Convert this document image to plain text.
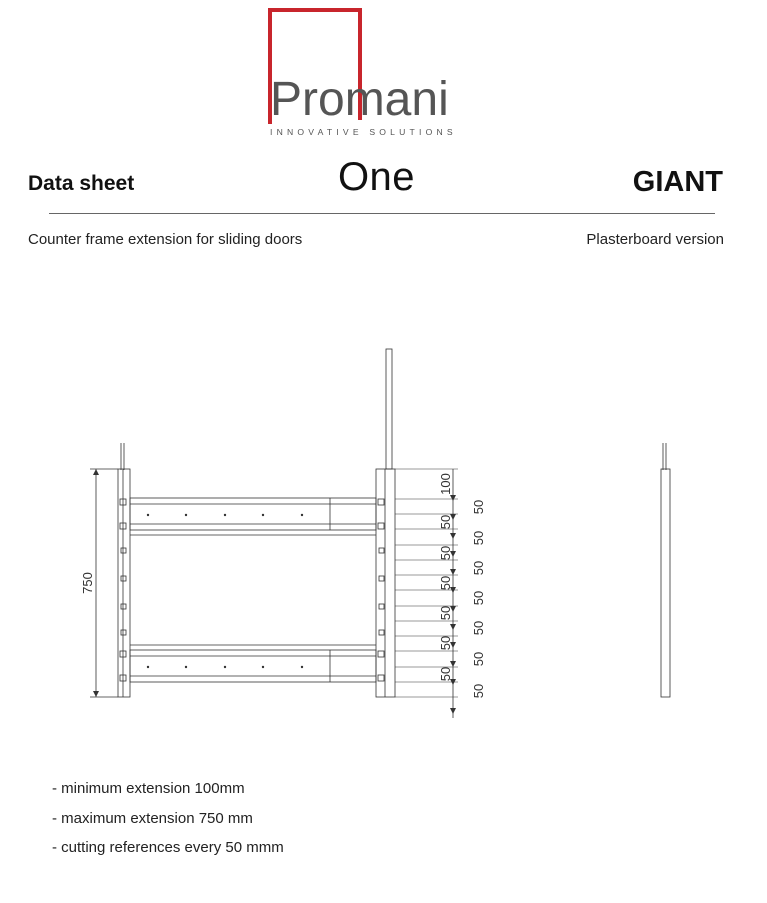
Promani
INNOVATIVE SOLUTIONS
Data sheet	One	GIANT
Counter frame extension for sliding doors	Plasterboard version
750
100
50
50
50
50
50
50
50
50
50
50
50
50
50
- minimum extension 100mm
- maximum extension 750 mm
- cutting references every 50 mmm
